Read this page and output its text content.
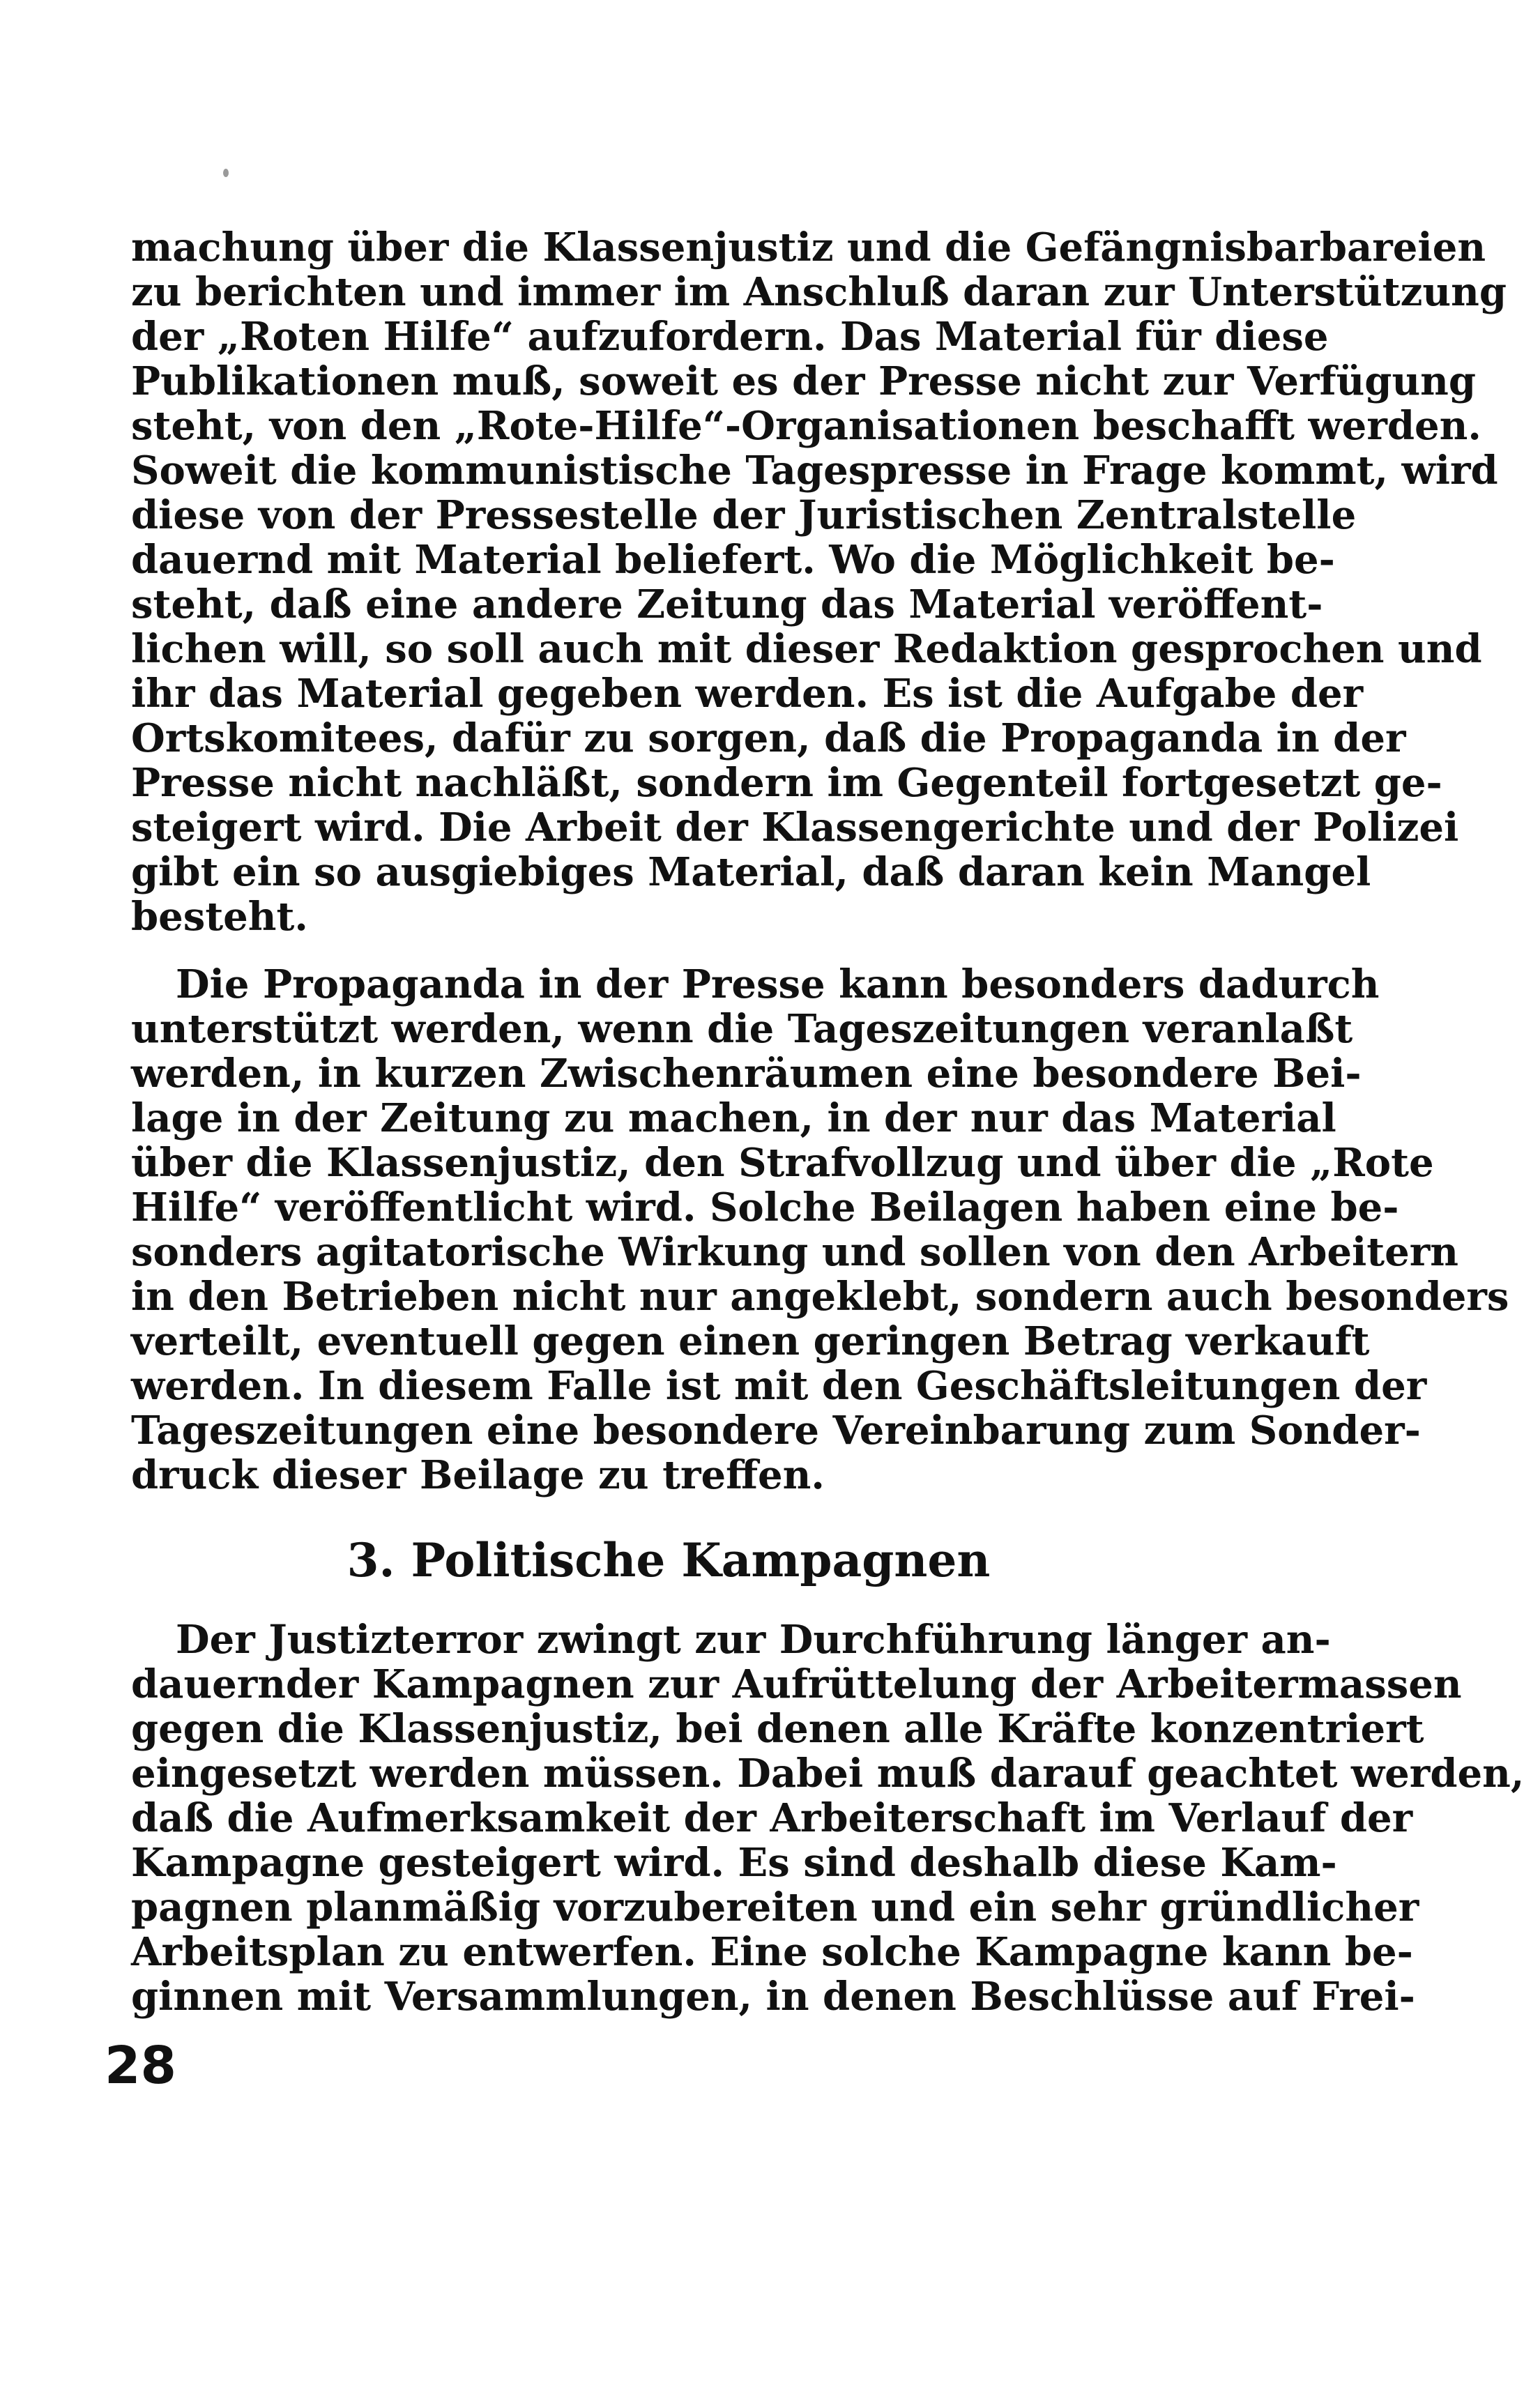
machung über die Klassenjustiz und die Gefängnisbarbareien
zu berichten und immer im Anschluß daran zur Unterstützung
der „Roten Hilfe“ aufzufordern. Das Material für diese
Publikationen muß, soweit es der Presse nicht zur Verfügung
steht, von den „Rote-Hilfe“-Organisationen beschafft werden.
Soweit die kommunistische Tagespresse in Frage kommt, wird
diese von der Pressestelle der Juristischen Zentralstelle
dauernd mit Material beliefert. Wo die Möglichkeit be-
steht, daß eine andere Zeitung das Material veröffent-
lichen will, so soll auch mit dieser Redaktion gesprochen und
ihr das Material gegeben werden. Es ist die Aufgabe der
Ortskomitees, dafür zu sorgen, daß die Propaganda in der
Presse nicht nachläßt, sondern im Gegenteil fortgesetzt ge-
steigert wird. Die Arbeit der Klassengerichte und der Polizei
gibt ein so ausgiebiges Material, daß daran kein Mangel
besteht.
Die Propaganda in der Presse kann besonders dadurch
unterstützt werden, wenn die Tageszeitungen veranlaßt
werden, in kurzen Zwischenräumen eine besondere Bei-
lage in der Zeitung zu machen, in der nur das Material
über die Klassenjustiz, den Strafvollzug und über die „Rote
Hilfe“ veröffentlicht wird. Solche Beilagen haben eine be-
sonders agitatorische Wirkung und sollen von den Arbeitern
in den Betrieben nicht nur angeklebt, sondern auch besonders
verteilt, eventuell gegen einen geringen Betrag verkauft
werden. In diesem Falle ist mit den Geschäftsleitungen der
Tageszeitungen eine besondere Vereinbarung zum Sonder-
druck dieser Beilage zu treffen.
3. Politische Kampagnen
Der Justizterror zwingt zur Durchführung länger an-
dauernder Kampagnen zur Aufrüttelung der Arbeitermassen
gegen die Klassenjustiz, bei denen alle Kräfte konzentriert
eingesetzt werden müssen. Dabei muß darauf geachtet werden,
daß die Aufmerksamkeit der Arbeiterschaft im Verlauf der
Kampagne gesteigert wird. Es sind deshalb diese Kam-
pagnen planmäßig vorzubereiten und ein sehr gründlicher
Arbeitsplan zu entwerfen. Eine solche Kampagne kann be-
ginnen mit Versammlungen, in denen Beschlüsse auf Frei-
28
